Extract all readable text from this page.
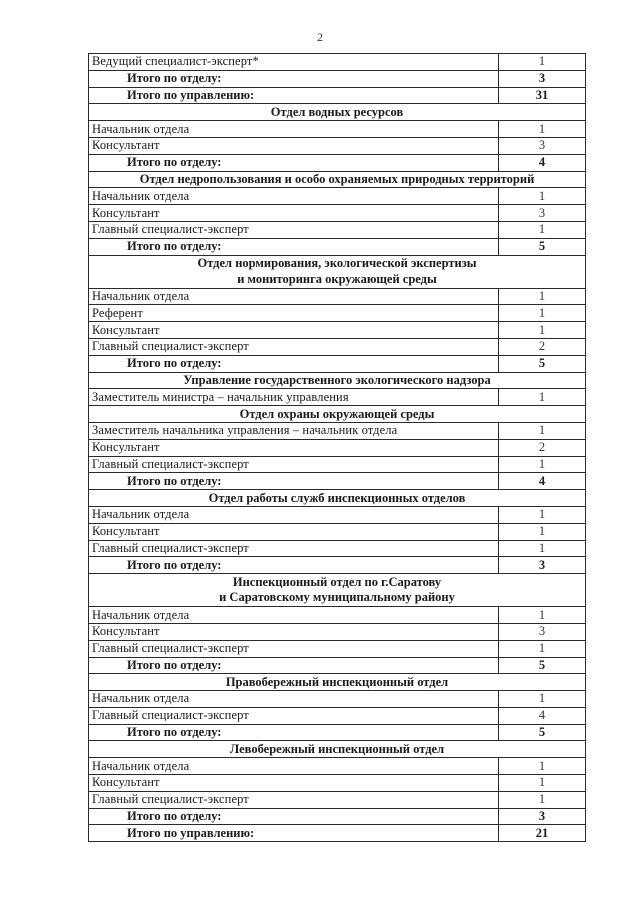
2
Ведущий специалист-эксперт*	1
Итого по отделу:	3
Итого по управлению:	31
Отдел водных ресурсов	
Начальник отдела	1
Консультант	3
Итого по отделу:	4
Отдел недропользования и особо охраняемых природных территорий	
Начальник отдела	1
Консультант	3
Главный специалист-эксперт	1
Итого по отделу:	5
Отдел нормирования, экологической экспертизы
и мониторинга окружающей среды	
Начальник отдела	1
Референт	1
Консультант	1
Главный специалист-эксперт	2
Итого по отделу:	5
Управление государственного экологического надзора	
Заместитель министра – начальник управления	1
Отдел охраны окружающей среды	
Заместитель начальника управления – начальник отдела	1
Консультант	2
Главный специалист-эксперт	1
Итого по отделу:	4
Отдел работы служб инспекционных отделов	
Начальник отдела	1
Консультант	1
Главный специалист-эксперт	1
Итого по отделу:	3
Инспекционный отдел по г.Саратову
и Саратовскому муниципальному району	
Начальник отдела	1
Консультант	3
Главный специалист-эксперт	1
Итого по отделу:	5
Правобережный инспекционный отдел	
Начальник отдела	1
Главный специалист-эксперт	4
Итого по отделу:	5
Левобережный инспекционный отдел	
Начальник отдела	1
Консультант	1
Главный специалист-эксперт	1
Итого по отделу:	3
Итого по управлению:	21
